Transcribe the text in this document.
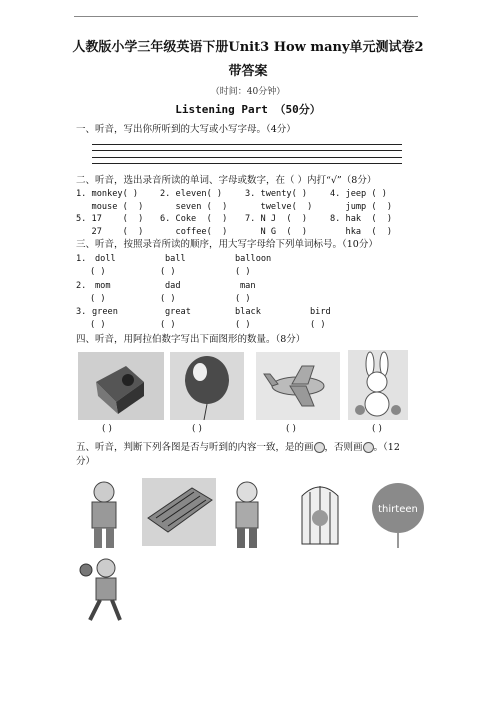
人教版小学三年级英语下册Unit3 How many单元测试卷2
带答案
（时间：40分钟）
Listening Part （50分）
一、听音，写出你所听到的大写或小写字母。（4分）
二、听音，选出录音所读的单词、字母或数字，在（ ）内打“√”（8分）
1. monkey( )	2. eleven( )	3. twenty( )	4. jeep ( )
mouse (  ) seven (  ) twelve(  ) jump (  )
5. 17    (  ) 6. Coke  (  ) 7. N J  (  )	8. hak  (  )
27    (  ) coffee(  ) N G  (  )	hka  (  )
三、听音，按照录音所读的顺序，用大写字母给下列单词标号。（10分）
1. doll	ball	balloon
( )	( )	( )
2. mom	dad	man
( )	( )	( )
3. green	great	black	bird
( )	( )	( )	( )
四、听音，用阿拉伯数字写出下面图形的数量。（8分）
( )	( )	( )	( )
五、听音，判断下列各图是否与听到的内容一致，是的画 ，否则画 。（12
分）
thirteen
